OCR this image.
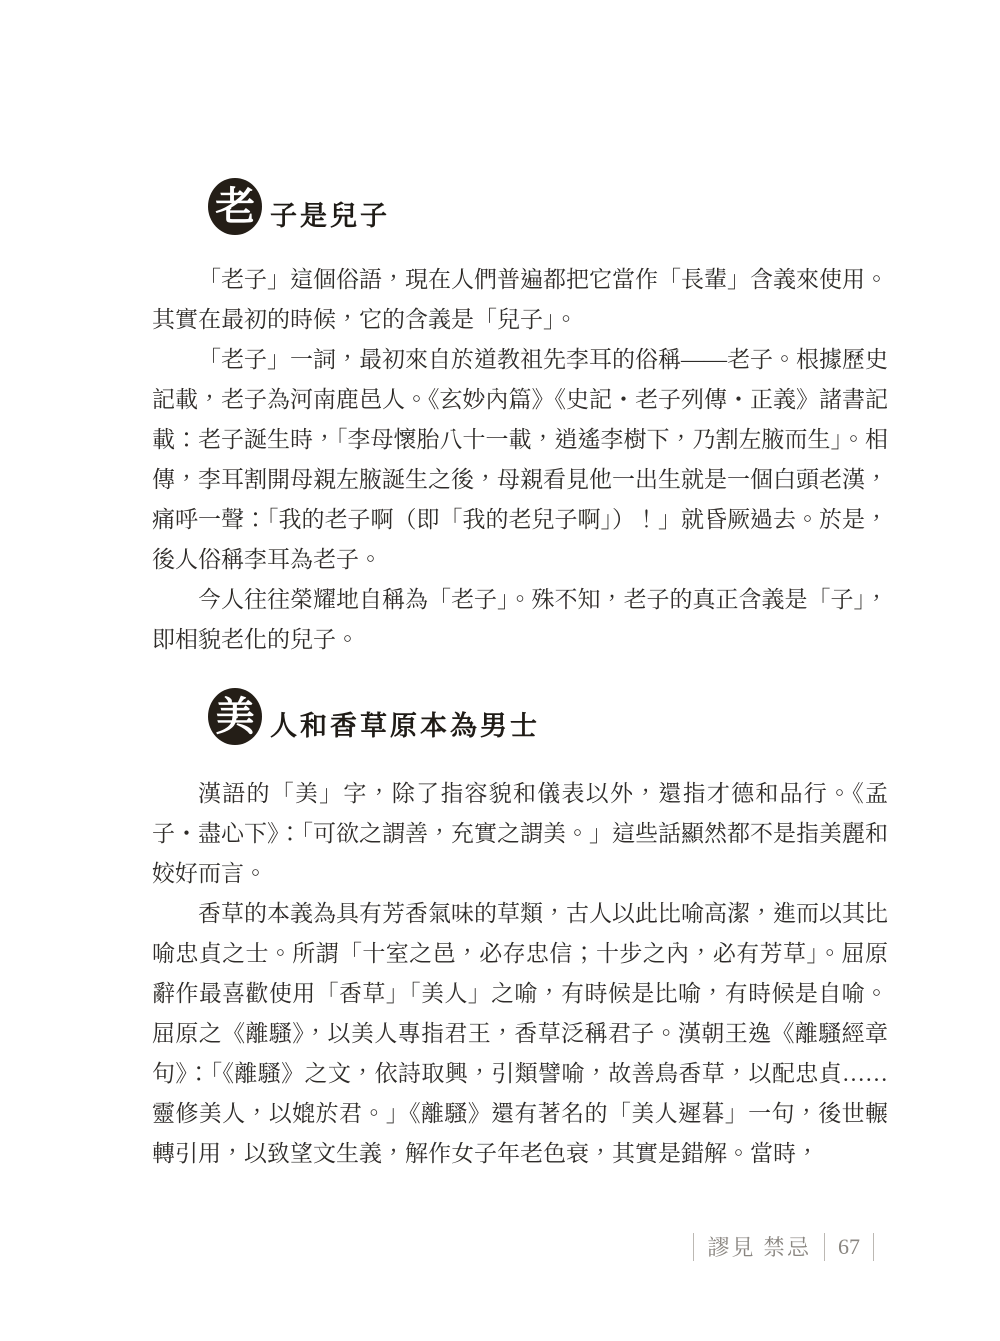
老 子是兒子

「老子」這個俗語，現在人們普遍都把它當作「長輩」含義來使用。其實在最初的時候，它的含義是「兒子」。

「老子」一詞，最初來自於道教祖先李耳的俗稱——老子。根據歷史記載，老子為河南鹿邑人。《玄妙內篇》《史記・老子列傳・正義》諸書記載：老子誕生時，「李母懷胎八十一載，逍遙李樹下，乃割左腋而生」。相傳，李耳割開母親左腋誕生之後，母親看見他一出生就是一個白頭老漢，痛呼一聲：「我的老子啊（即「我的老兒子啊」）！」就昏厥過去。於是，後人俗稱李耳為老子。

今人往往榮耀地自稱為「老子」。殊不知，老子的真正含義是「子」，即相貌老化的兒子。

美 人和香草原本為男士

漢語的「美」字，除了指容貌和儀表以外，還指才德和品行。《孟子・盡心下》：「可欲之謂善，充實之謂美。」這些話顯然都不是指美麗和姣好而言。

香草的本義為具有芳香氣味的草類，古人以此比喻高潔，進而以其比喻忠貞之士。所謂「十室之邑，必存忠信；十步之內，必有芳草」。屈原辭作最喜歡使用「香草」「美人」之喻，有時候是比喻，有時候是自喻。屈原之《離騷》，以美人專指君王，香草泛稱君子。漢朝王逸《離騷經章句》：「《離騷》之文，依詩取興，引類譬喻，故善鳥香草，以配忠貞……靈修美人，以媲於君。」《離騷》還有著名的「美人遲暮」一句，後世輾轉引用，以致望文生義，解作女子年老色衰，其實是錯解。當時，

謬見 禁忌 67
